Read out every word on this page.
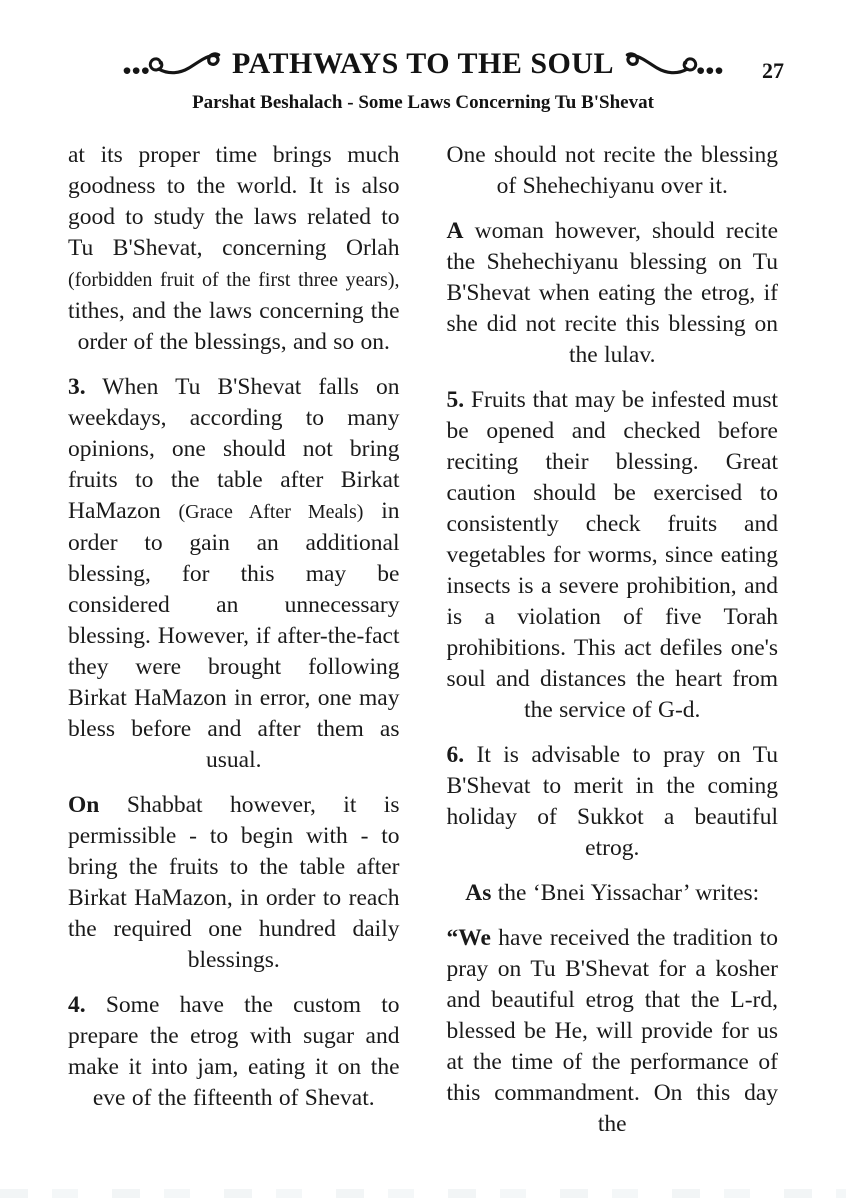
PATHWAYS TO THE SOUL	27
Parshat Beshalach - Some Laws Concerning Tu B'Shevat

at its proper time brings much goodness to the world. It is also good to study the laws related to Tu B'Shevat, concerning Orlah (forbidden fruit of the first three years), tithes, and the laws concerning the order of the blessings, and so on.

3. When Tu B'Shevat falls on weekdays, according to many opinions, one should not bring fruits to the table after Birkat HaMazon (Grace After Meals) in order to gain an additional blessing, for this may be considered an unnecessary blessing. However, if after-the-fact they were brought following Birkat HaMazon in error, one may bless before and after them as usual.

On Shabbat however, it is permissible - to begin with - to bring the fruits to the table after Birkat HaMazon, in order to reach the required one hundred daily blessings.

4. Some have the custom to prepare the etrog with sugar and make it into jam, eating it on the eve of the fifteenth of Shevat.

One should not recite the blessing of Shehechiyanu over it.

A woman however, should recite the Shehechiyanu blessing on Tu B'Shevat when eating the etrog, if she did not recite this blessing on the lulav.

5. Fruits that may be infested must be opened and checked before reciting their blessing. Great caution should be exercised to consistently check fruits and vegetables for worms, since eating insects is a severe prohibition, and is a violation of five Torah prohibitions. This act defiles one's soul and distances the heart from the service of G-d.

6. It is advisable to pray on Tu B'Shevat to merit in the coming holiday of Sukkot a beautiful etrog.

As the ‘Bnei Yissachar’ writes:

“We have received the tradition to pray on Tu B'Shevat for a kosher and beautiful etrog that the L-rd, blessed be He, will provide for us at the time of the performance of this commandment. On this day the
